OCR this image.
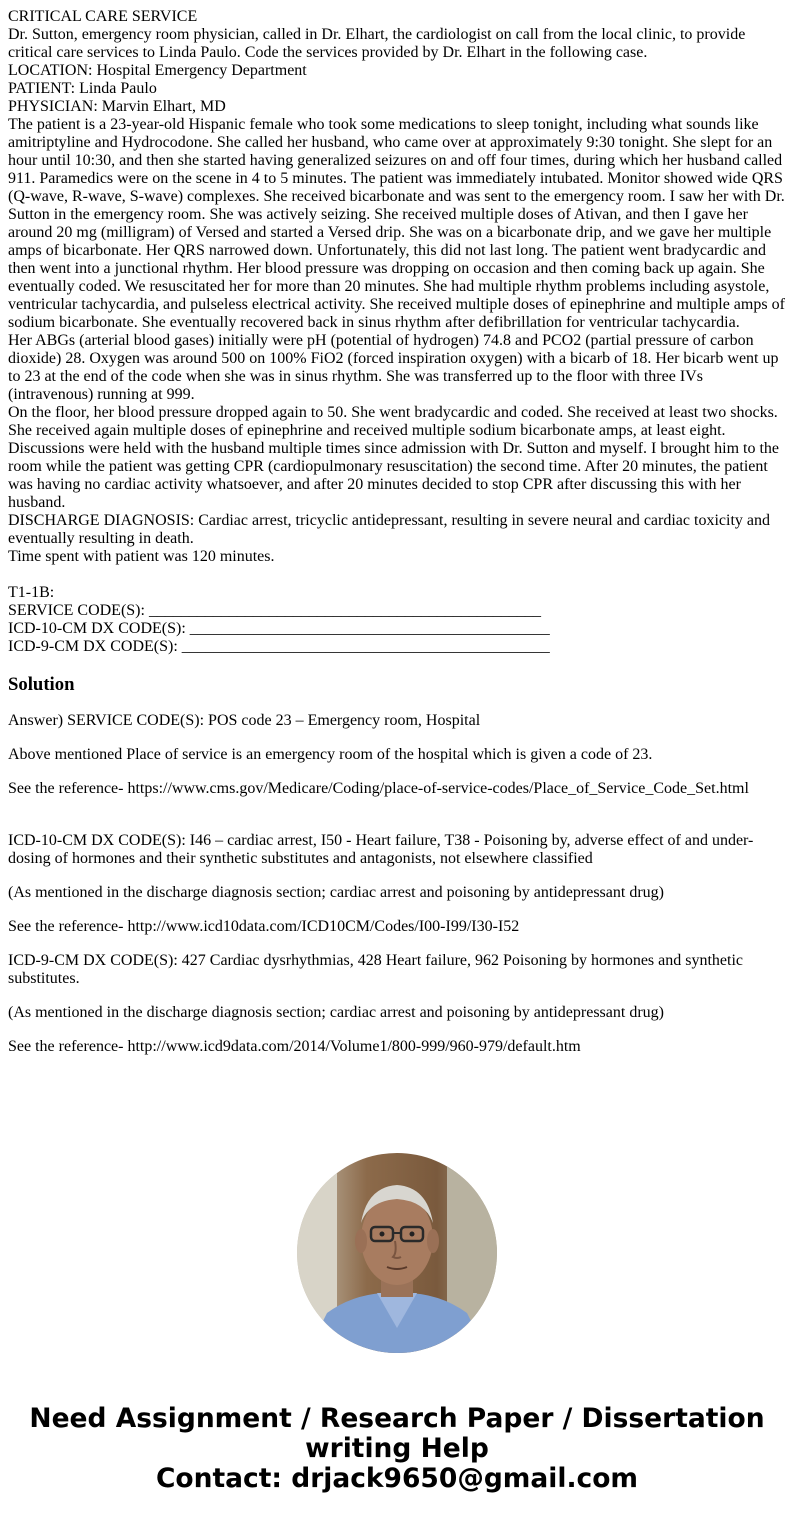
CRITICAL CARE SERVICE
Dr. Sutton, emergency room physician, called in Dr. Elhart, the cardiologist on call from the local clinic, to provide critical care services to Linda Paulo. Code the services provided by Dr. Elhart in the following case.
LOCATION: Hospital Emergency Department
PATIENT: Linda Paulo
PHYSICIAN: Marvin Elhart, MD
The patient is a 23-year-old Hispanic female who took some medications to sleep tonight, including what sounds like amitriptyline and Hydrocodone. She called her husband, who came over at approximately 9:30 tonight. She slept for an hour until 10:30, and then she started having generalized seizures on and off four times, during which her husband called 911. Paramedics were on the scene in 4 to 5 minutes. The patient was immediately intubated. Monitor showed wide QRS (Q-wave, R-wave, S-wave) complexes. She received bicarbonate and was sent to the emergency room. I saw her with Dr. Sutton in the emergency room. She was actively seizing. She received multiple doses of Ativan, and then I gave her around 20 mg (milligram) of Versed and started a Versed drip. She was on a bicarbonate drip, and we gave her multiple amps of bicarbonate. Her QRS narrowed down. Unfortunately, this did not last long. The patient went bradycardic and then went into a junctional rhythm. Her blood pressure was dropping on occasion and then coming back up again. She eventually coded. We resuscitated her for more than 20 minutes. She had multiple rhythm problems including asystole, ventricular tachycardia, and pulseless electrical activity. She received multiple doses of epinephrine and multiple amps of sodium bicarbonate. She eventually recovered back in sinus rhythm after defibrillation for ventricular tachycardia.
Her ABGs (arterial blood gases) initially were pH (potential of hydrogen) 74.8 and PCO2 (partial pressure of carbon dioxide) 28. Oxygen was around 500 on 100% FiO2 (forced inspiration oxygen) with a bicarb of 18. Her bicarb went up to 23 at the end of the code when she was in sinus rhythm. She was transferred up to the floor with three IVs (intravenous) running at 999.
On the floor, her blood pressure dropped again to 50. She went bradycardic and coded. She received at least two shocks. She received again multiple doses of epinephrine and received multiple sodium bicarbonate amps, at least eight. Discussions were held with the husband multiple times since admission with Dr. Sutton and myself. I brought him to the room while the patient was getting CPR (cardiopulmonary resuscitation) the second time. After 20 minutes, the patient was having no cardiac activity whatsoever, and after 20 minutes decided to stop CPR after discussing this with her husband.
DISCHARGE DIAGNOSIS: Cardiac arrest, tricyclic antidepressant, resulting in severe neural and cardiac toxicity and eventually resulting in death.
Time spent with patient was 120 minutes.
T1-1B:
SERVICE CODE(S): _________________________________________________
ICD-10-CM DX CODE(S): _____________________________________________
ICD-9-CM DX CODE(S): ______________________________________________
Solution

Answer) SERVICE CODE(S): POS code 23 – Emergency room, Hospital

Above mentioned Place of service is an emergency room of the hospital which is given a code of 23.

See the reference- https://www.cms.gov/Medicare/Coding/place-of-service-codes/Place_of_Service_Code_Set.html

ICD-10-CM DX CODE(S): I46 – cardiac arrest, I50 - Heart failure, T38 - Poisoning by, adverse effect of and under-dosing of hormones and their synthetic substitutes and antagonists, not elsewhere classified

(As mentioned in the discharge diagnosis section; cardiac arrest and poisoning by antidepressant drug)

See the reference- http://www.icd10data.com/ICD10CM/Codes/I00-I99/I30-I52

ICD-9-CM DX CODE(S): 427 Cardiac dysrhythmias, 428 Heart failure, 962 Poisoning by hormones and synthetic substitutes.

(As mentioned in the discharge diagnosis section; cardiac arrest and poisoning by antidepressant drug)

See the reference- http://www.icd9data.com/2014/Volume1/800-999/960-979/default.htm

Need Assignment / Research Paper / Dissertation
writing Help
Contact: drjack9650@gmail.com
